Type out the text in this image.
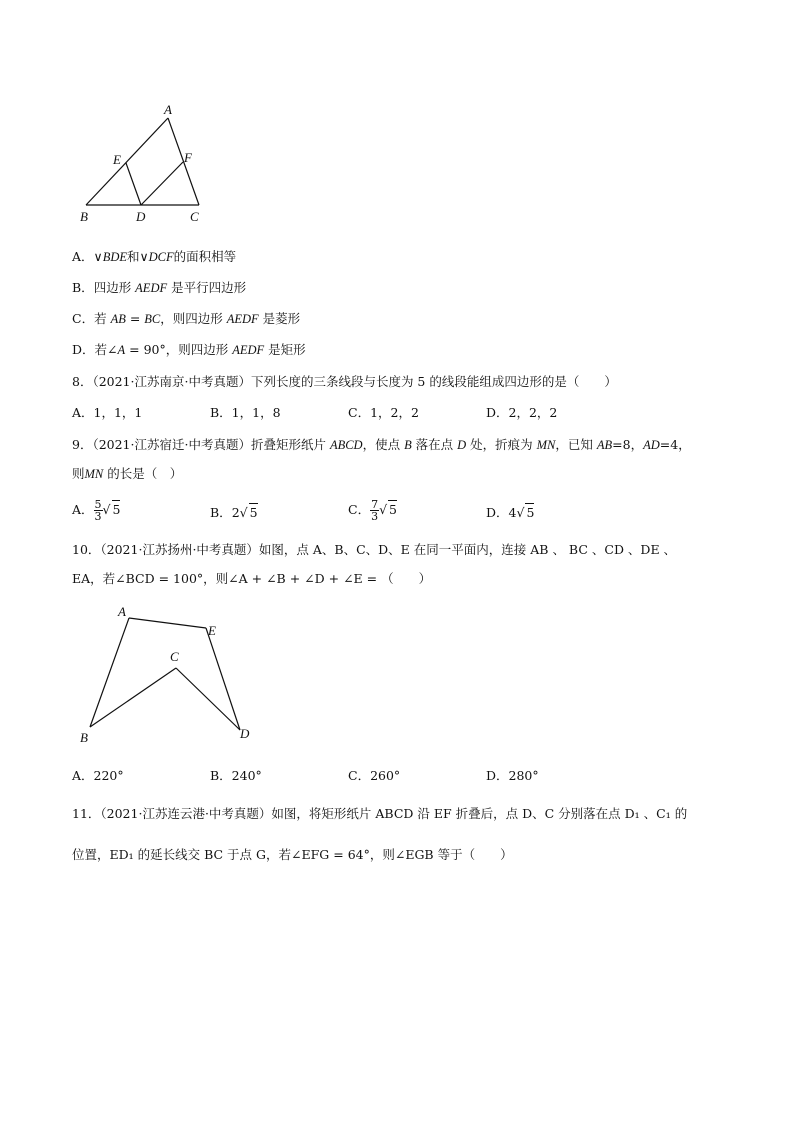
A
E	F
B	D	C
A．∨BDE和∨DCF的面积相等
B．四边形 AEDF 是平行四边形
C．若 AB = BC，则四边形 AEDF 是菱形
D．若∠A = 90°，则四边形 AEDF 是矩形
8．（2021·江苏南京·中考真题）下列长度的三条线段与长度为 5 的线段能组成四边形的是（　　）
A．1，1，1	B．1，1，8	C．1，2，2	D．2，2，2
9．（2021·江苏宿迁·中考真题）折叠矩形纸片 ABCD，使点 B 落在点 D 处，折痕为 MN，已知 AB=8，AD=4，
则MN 的长是（　）
A． $\frac{5}{3}$ √ 5	B．2√ 5	C． $\frac{7}{3}$ √ 5	D．4√ 5
10．（2021·江苏扬州·中考真题）如图，点 A、B、C、D、E 在同一平面内，连接 AB 、 BC 、CD 、DE 、
EA，若∠BCD = 100°，则∠A + ∠B + ∠D + ∠E = （　　）
A
E
C
B	D
A．220°	B．240°	C．260°	D．280°
11．（2021·江苏连云港·中考真题）如图，将矩形纸片 ABCD 沿 EF 折叠后，点 D、C 分别落在点 D₁ 、C₁ 的
位置，ED₁ 的延长线交 BC 于点 G，若∠EFG = 64°，则∠EGB 等于（　　）
